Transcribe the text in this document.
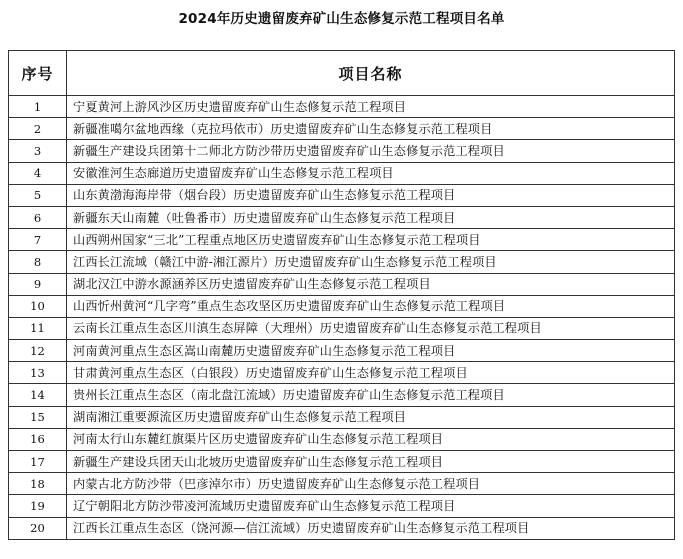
2024年历史遗留废弃矿山生态修复示范工程项目名单
序号	项目名称
1	宁夏黄河上游风沙区历史遗留废弃矿山生态修复示范工程项目
2	新疆准噶尔盆地西缘（克拉玛依市）历史遗留废弃矿山生态修复示范工程项目
3	新疆生产建设兵团第十二师北方防沙带历史遗留废弃矿山生态修复示范工程项目
4	安徽淮河生态廊道历史遗留废弃矿山生态修复示范工程项目
5	山东黄渤海海岸带（烟台段）历史遗留废弃矿山生态修复示范工程项目
6	新疆东天山南麓（吐鲁番市）历史遗留废弃矿山生态修复示范工程项目
7	山西朔州国家“三北”工程重点地区历史遗留废弃矿山生态修复示范工程项目
8	江西长江流域（赣江中游-湘江源片）历史遗留废弃矿山生态修复示范工程项目
9	湖北汉江中游水源涵养区历史遗留废弃矿山生态修复示范工程项目
10	山西忻州黄河“几字弯”重点生态攻坚区历史遗留废弃矿山生态修复示范工程项目
11	云南长江重点生态区川滇生态屏障（大理州）历史遗留废弃矿山生态修复示范工程项目
12	河南黄河重点生态区嵩山南麓历史遗留废弃矿山生态修复示范工程项目
13	甘肃黄河重点生态区（白银段）历史遗留废弃矿山生态修复示范工程项目
14	贵州长江重点生态区（南北盘江流域）历史遗留废弃矿山生态修复示范工程项目
15	湖南湘江重要源流区历史遗留废弃矿山生态修复示范工程项目
16	河南太行山东麓红旗渠片区历史遗留废弃矿山生态修复示范工程项目
17	新疆生产建设兵团天山北坡历史遗留废弃矿山生态修复示范工程项目
18	内蒙古北方防沙带（巴彦淖尔市）历史遗留废弃矿山生态修复示范工程项目
19	辽宁朝阳北方防沙带凌河流域历史遗留废弃矿山生态修复示范工程项目
20	江西长江重点生态区（饶河源—信江流域）历史遗留废弃矿山生态修复示范工程项目
